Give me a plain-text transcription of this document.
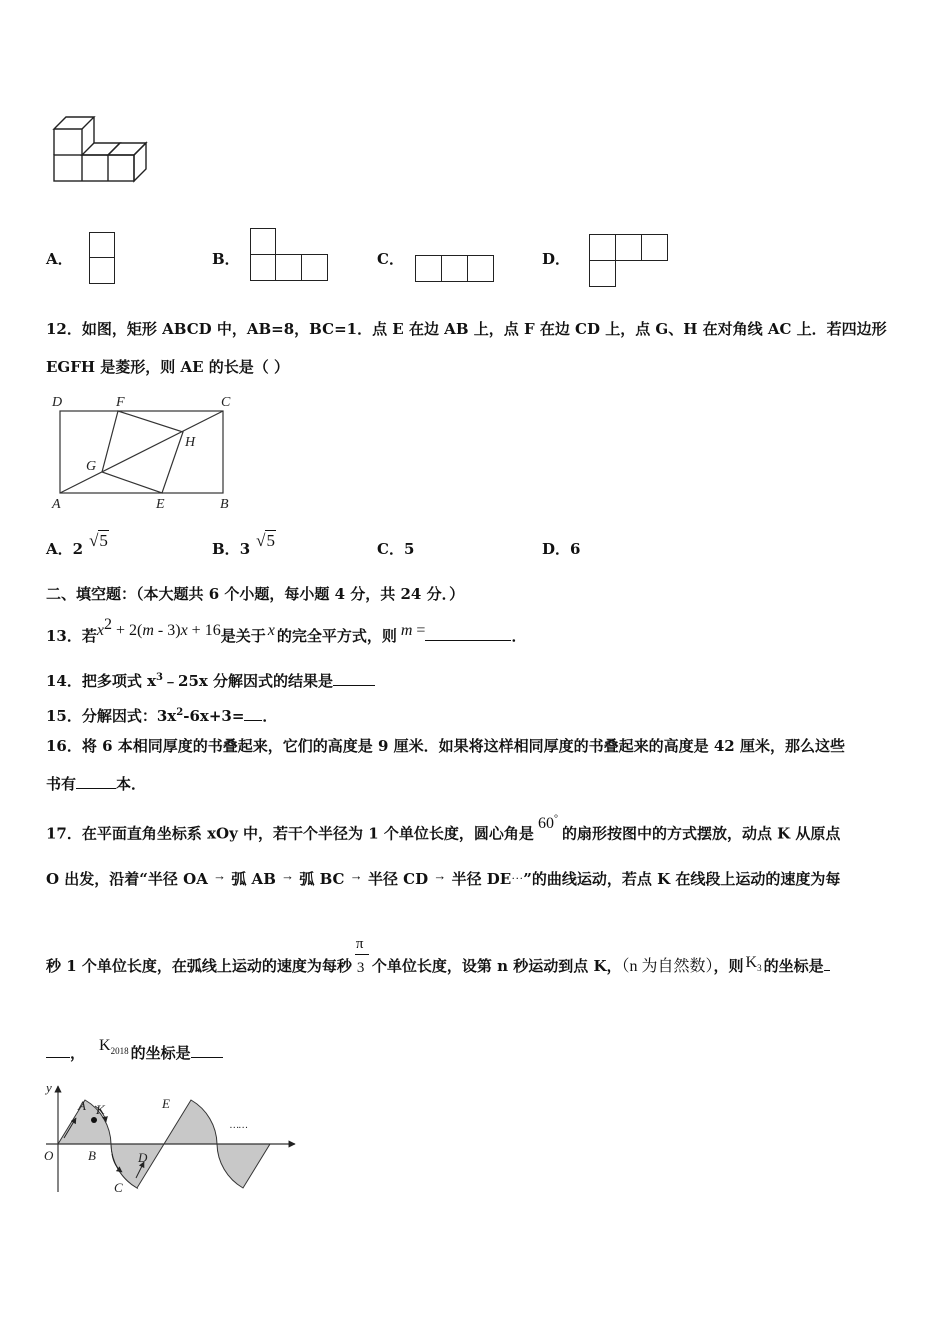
A．	B．	C．	D．
12．如图，矩形 ABCD 中，AB=8，BC=1．点 E 在边 AB 上，点 F 在边 CD 上，点 G、H 在对角线 AC 上．若四边形
EGFH 是菱形，则 AE 的长是（ ）
D	F	C
H
G
A	E	B
A．2 √5	B．3 √5	C．5	D．6
二、填空题：（本大题共 6 个小题，每小题 4 分，共 24 分．）
13．若$x^2 + 2(m - 3)x + 16$是关于 x 的完全平方式，则 m =	．
14．把多项式 $x^3﹣25x$ 分解因式的结果是
15．分解因式：$3x^2-6x+3=$ ．
16．将 6 本相同厚度的书叠起来，它们的高度是 9 厘米．如果将这样相同厚度的书叠起来的高度是 42 厘米，那么这些
书有	本．
17．在平面直角坐标系 xOy 中，若干个半径为 1 个单位长度，圆心角是60°的扇形按图中的方式摆放，动点 K 从原点
O 出发，沿着“半径 OA → 弧 AB → 弧 BC → 半径 CD → 半径 DE…”的曲线运动，若点 K 在线段上运动的速度为每
秒 1 个单位长度，在弧线上运动的速度为每秒 $\frac{\pi}{3}$ 个单位长度，设第 n 秒运动到点 K，（n 为自然数），则 $K_3$ 的坐标是
， $K_{2018}$ 的坐标是
y
A K	E
O	B	D
C
……
